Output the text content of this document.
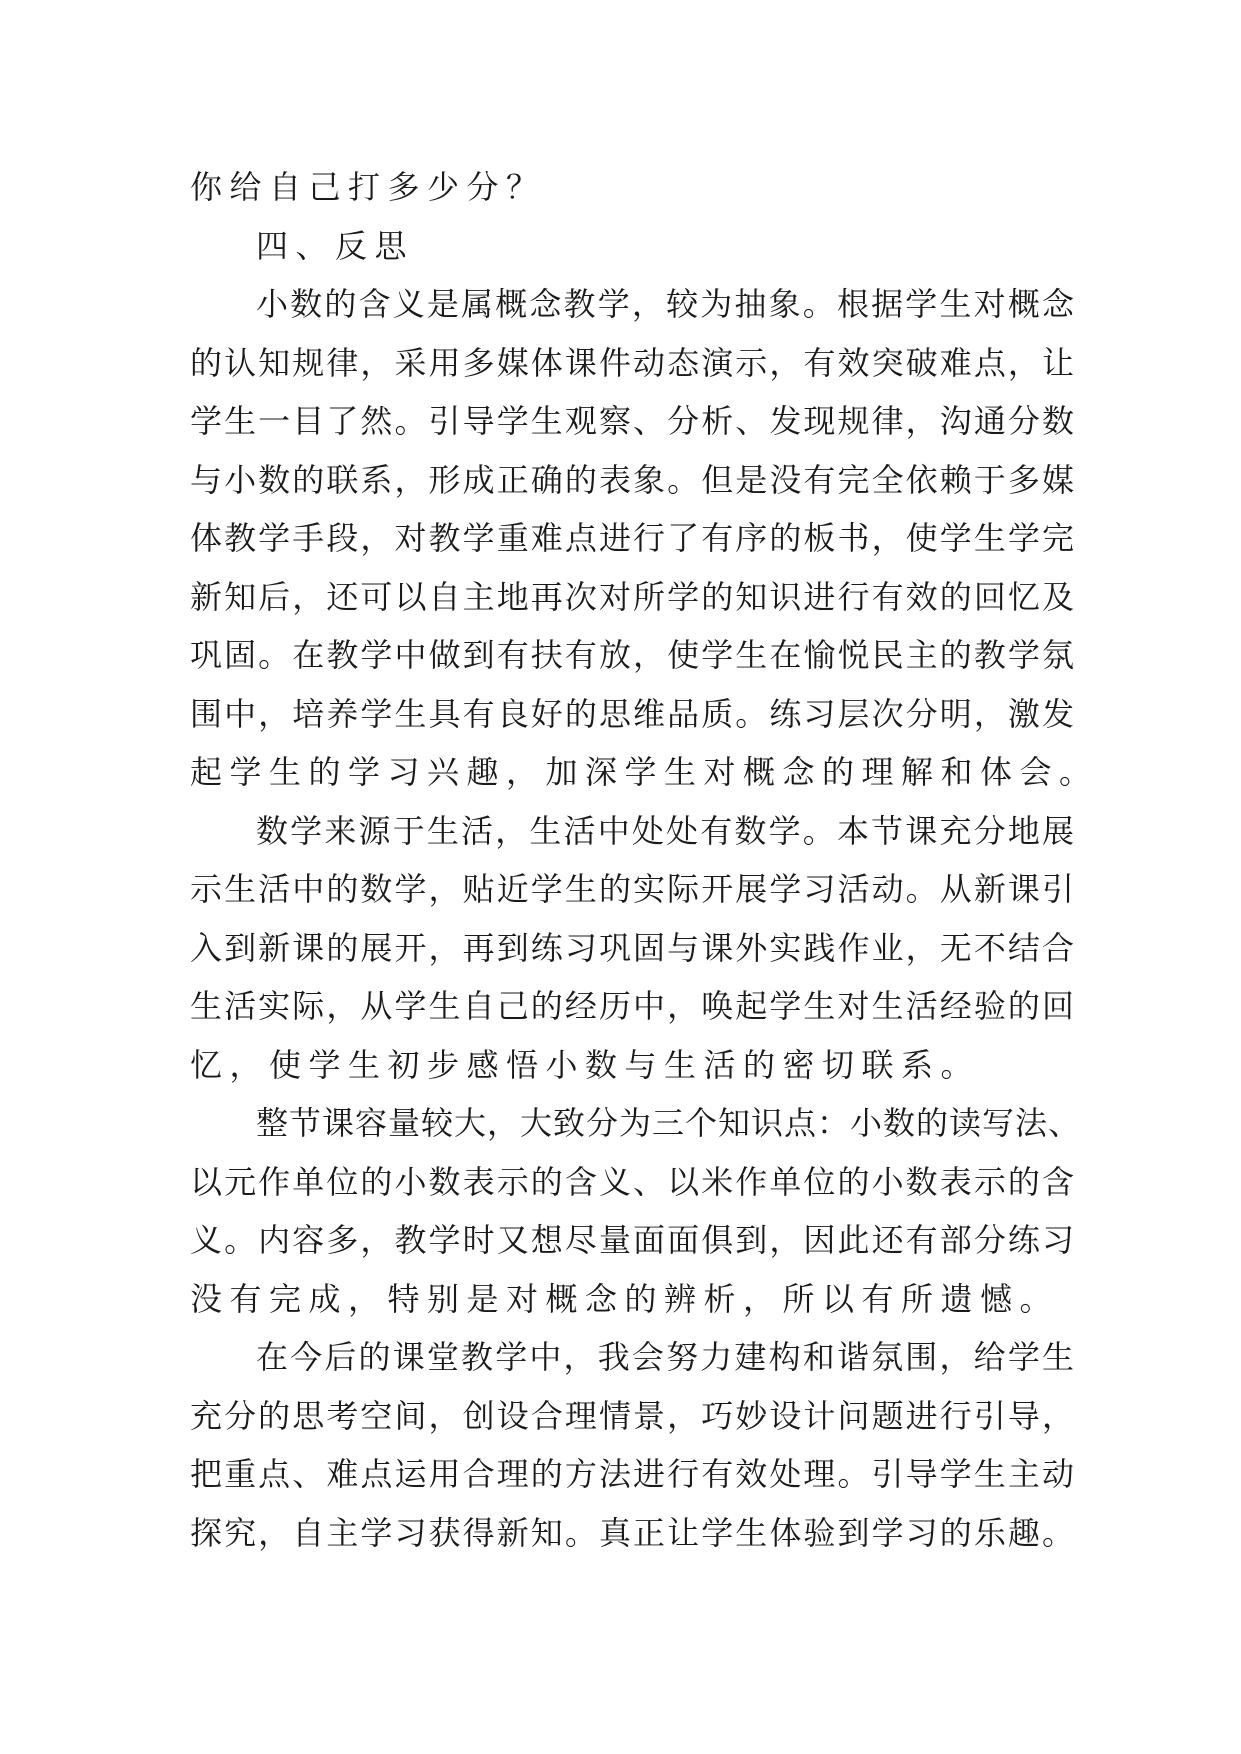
你给自己打多少分？
四、反思
小数的含义是属概念教学，较为抽象。根据学生对概念
的认知规律，采用多媒体课件动态演示，有效突破难点，让
学生一目了然。引导学生观察、分析、发现规律，沟通分数
与小数的联系，形成正确的表象。但是没有完全依赖于多媒
体教学手段，对教学重难点进行了有序的板书，使学生学完
新知后，还可以自主地再次对所学的知识进行有效的回忆及
巩固。在教学中做到有扶有放，使学生在愉悦民主的教学氛
围中，培养学生具有良好的思维品质。练习层次分明，激发
起学生的学习兴趣，加深学生对概念的理解和体会。
数学来源于生活，生活中处处有数学。本节课充分地展
示生活中的数学，贴近学生的实际开展学习活动。从新课引
入到新课的展开，再到练习巩固与课外实践作业，无不结合
生活实际，从学生自己的经历中，唤起学生对生活经验的回
忆，使学生初步感悟小数与生活的密切联系。
整节课容量较大，大致分为三个知识点：小数的读写法、
以元作单位的小数表示的含义、以米作单位的小数表示的含
义。内容多，教学时又想尽量面面俱到，因此还有部分练习
没有完成，特别是对概念的辨析，所以有所遗憾。
在今后的课堂教学中，我会努力建构和谐氛围，给学生
充分的思考空间，创设合理情景，巧妙设计问题进行引导，
把重点、难点运用合理的方法进行有效处理。引导学生主动
探究，自主学习获得新知。真正让学生体验到学习的乐趣。
